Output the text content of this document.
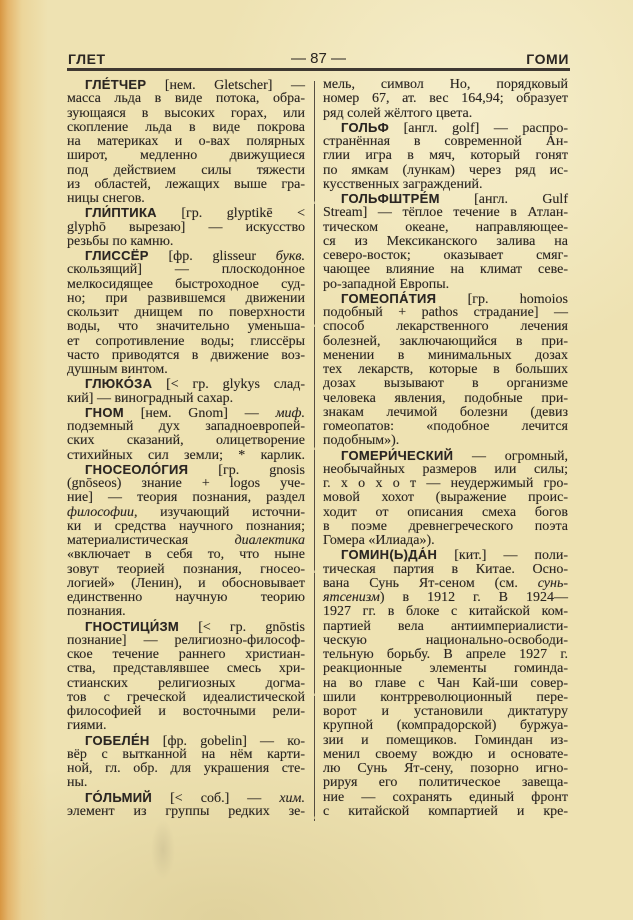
ГЛЕТ	— 87 —	ГОМИ
ГЛЕ́ТЧЕР [нем. Gletscher] —
масса льда в виде потока, обра-
зующаяся в высоких горах, или
скопление льда в виде покрова
на материках и о-вах полярных
широт, медленно движущиеся
под действием силы тяжести
из областей, лежащих выше гра-
ницы снегов.
ГЛИ́ПТИКА [гр. glyptikē <
glyphō вырезаю] — искусство
резьбы по камню.
ГЛИССЁР [фр. glisseur букв.
скользящий] — плоскодонное
мелкосидящее быстроходное суд-
но; при развившемся движении
скользит днищем по поверхности
воды, что значительно уменьша-
ет сопротивление воды; глиссёры
часто приводятся в движение воз-
душным винтом.
ГЛЮКО́ЗА [< гр. glykys слад-
кий] — виноградный сахар.
ГНОМ [нем. Gnom] — миф.
подземный дух западноевропей-
ских сказаний, олицетворение
стихийных сил земли; * карлик.
ГНОСЕОЛО́ГИЯ [гр. gnosis
(gnōseos) знание + logos уче-
ние] — теория познания, раздел
философии, изучающий источни-
ки и средства научного познания;
материалистическая диалектика
«включает в себя то, что ныне
зовут теорией познания, гносео-
логией» (Ленин), и обосновывает
единственно научную теорию
познания.
ГНОСТИЦИ́ЗМ [< гр. gnōstis
познание] — религиозно-философ-
ское течение раннего христиан-
ства, представлявшее смесь хри-
стианских религиозных догма-
тов с греческой идеалистической
философией и восточными рели-
гиями.
ГОБЕЛЕ́Н [фр. gobelin] — ко-
вёр с вытканной на нём карти-
ной, гл. обр. для украшения сте-
ны.
ГО́ЛЬМИЙ [< соб.] — хим.
элемент из группы редких зе-
мель, символ Ho, порядковый
номер 67, ат. вес 164,94; образует
ряд солей жёлтого цвета.
ГОЛЬФ [англ. golf] — распро-
странённая в современной Ан-
глии игра в мяч, который гонят
по ямкам (лункам) через ряд ис-
кусственных заграждений.
ГОЛЬФШТРЕ́М [англ. Gulf
Stream] — тёплое течение в Атлан-
тическом океане, направляющее-
ся из Мексиканского залива на
северо-восток; оказывает смяг-
чающее влияние на климат севе-
ро-западной Европы.
ГОМЕОПА́ТИЯ [гр. homoios
подобный + pathos страдание] —
способ лекарственного лечения
болезней, заключающийся в при-
менении в минимальных дозах
тех лекарств, которые в больших
дозах вызывают в организме
человека явления, подобные при-
знакам лечимой болезни (девиз
гомеопатов: «подобное лечится
подобным»).
ГОМЕРИ́ЧЕСКИЙ — огромный,
необычайных размеров или силы;
г. х о х о т — неудержимый гро-
мовой хохот (выражение проис-
ходит от описания смеха богов
в поэме древнегреческого поэта
Гомера «Илиада»).
ГОМИН(Ь)ДА́Н [кит.] — поли-
тическая партия в Китае. Осно-
вана Сунь Ят-сеном (см. сунь-
ятсенизм) в 1912 г. В 1924—
1927 гг. в блоке с китайской ком-
партией вела антиимпериалисти-
ческую национально-освободи-
тельную борьбу. В апреле 1927 г.
реакционные элементы гоминда-
на во главе с Чан Кай-ши совер-
шили контрреволюционный пере-
ворот и установили диктатуру
крупной (компрадорской) буржуа-
зии и помещиков. Гоминдан из-
менил своему вождю и основате-
лю Сунь Ят-сену, позорно игно-
рируя его политическое завеща-
ние — сохранять единый фронт
с китайской компартией и кре-
